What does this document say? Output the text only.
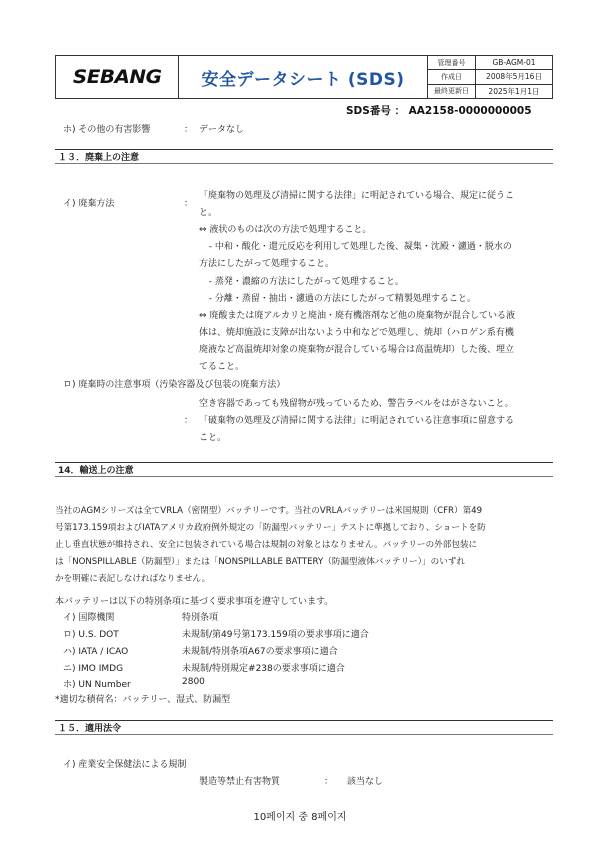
SEBANG 安全データシート (SDS)
管理番号	GB-AGM-01
作成日	2008年5月16日
最終更新日	2025年1月1日
SDS番号 ： AA2158-0000000005
ホ) その他の有害影響	： データなし
１３．廃棄上の注意
イ) 廃棄方法	：
「廃棄物の処理及び清掃に関する法律」に明記されている場合、規定に従うこ
と。
⇔ 液状のものは次の方法で処理すること。
- 中和・酸化・還元反応を利用して処理した後、凝集・沈殿・濾過・脱水の
方法にしたがって処理すること。
- 蒸発・濃縮の方法にしたがって処理すること。
- 分離・蒸留・抽出・濾過の方法にしたがって精製処理すること。
⇔ 廃酸または廃アルカリと廃油・廃有機溶剤など他の廃棄物が混合している液
体は、焼却施設に支障が出ないよう中和などで処理し、焼却（ハロゲン系有機
廃液など高温焼却対象の廃棄物が混合している場合は高温焼却）した後、埋立
てること。
ロ) 廃棄時の注意事項（汚染容器及び包装の廃棄方法）
空き容器であっても残留物が残っているため、警告ラベルをはがさないこと。
： 「破棄物の処理及び清掃に関する法律」に明記されている注意事項に留意する
こと。
14．輸送上の注意
当社のAGMシリーズは全てVRLA（密閉型）バッテリーです。当社のVRLAバッテリーは米国規則（CFR）第49
号第173.159項およびIATAアメリカ政府例外規定の「防漏型バッテリー」テストに準拠しており、ショートを防
止し垂直状態が維持され、安全に包装されている場合は規制の対象とはなりません。バッテリーの外部包装に
は「NONSPILLABLE（防漏型）」または「NONSPILLABLE BATTERY（防漏型液体バッテリー）」のいずれ
かを明確に表記しなければなりません。
本バッテリーは以下の特別条項に基づく要求事項を遵守しています。
イ) 国際機関	特別条項
ロ) U.S. DOT	未規制/第49号第173.159項の要求事項に適合
ハ) IATA / ICAO	未規制/特別条項A67の要求事項に適合
ニ) IMO IMDG	未規制/特別規定#238の要求事項に適合
ホ) UN Number	2800
*適切な積荷名：バッテリー、湿式、防漏型
１５．適用法令
イ) 産業安全保健法による規制
製造等禁止有害物質	： 該当なし
10페이지 중 8페이지
